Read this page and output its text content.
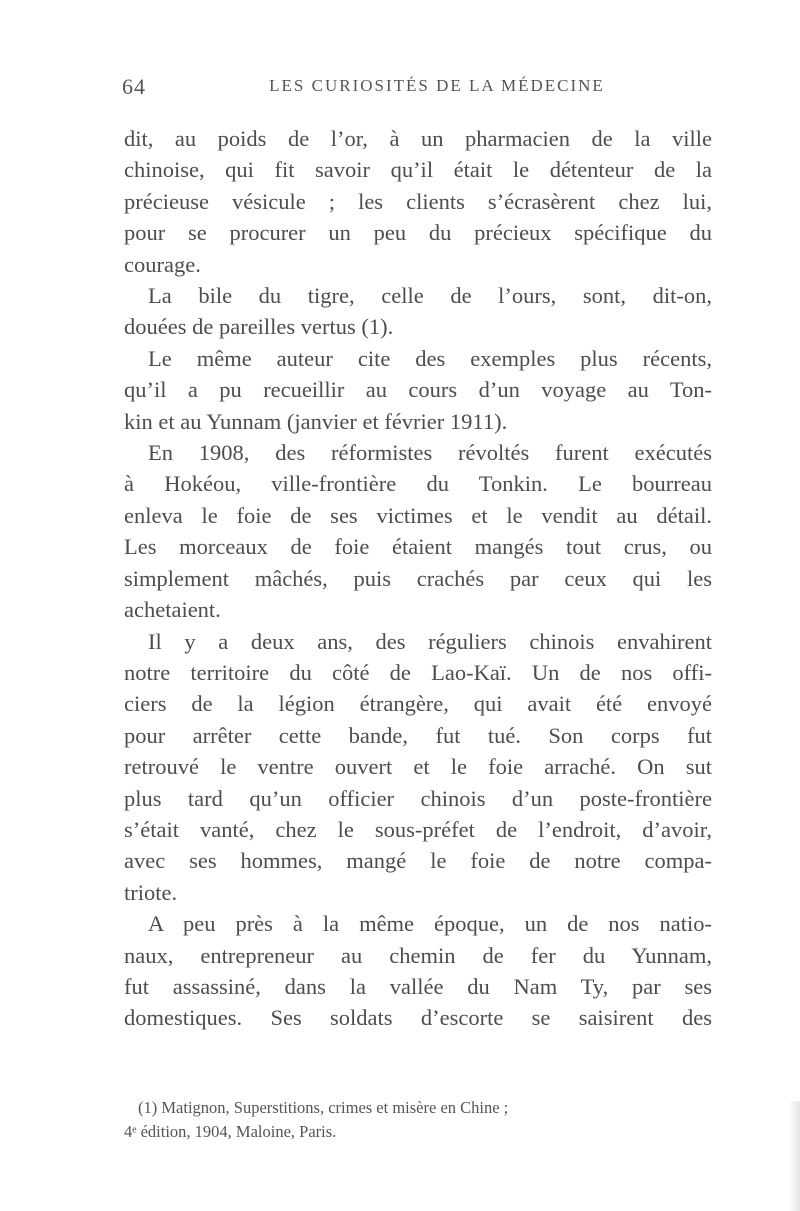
64	LES CURIOSITÉS DE LA MÉDECINE
dit, au poids de l’or, à un pharmacien de la ville
chinoise, qui fit savoir qu’il était le détenteur de la
précieuse vésicule ; les clients s’écrasèrent chez lui,
pour se procurer un peu du précieux spécifique du
courage.
La bile du tigre, celle de l’ours, sont, dit-on,
douées de pareilles vertus (1).
Le même auteur cite des exemples plus récents,
qu’il a pu recueillir au cours d’un voyage au Ton-
kin et au Yunnam (janvier et février 1911).
En 1908, des réformistes révoltés furent exécutés
à Hokéou, ville-frontière du Tonkin. Le bourreau
enleva le foie de ses victimes et le vendit au détail.
Les morceaux de foie étaient mangés tout crus, ou
simplement mâchés, puis crachés par ceux qui les
achetaient.
Il y a deux ans, des réguliers chinois envahirent
notre territoire du côté de Lao-Kaï. Un de nos offi-
ciers de la légion étrangère, qui avait été envoyé
pour arrêter cette bande, fut tué. Son corps fut
retrouvé le ventre ouvert et le foie arraché. On sut
plus tard qu’un officier chinois d’un poste-frontière
s’était vanté, chez le sous-préfet de l’endroit, d’avoir,
avec ses hommes, mangé le foie de notre compa-
triote.
A peu près à la même époque, un de nos natio-
naux, entrepreneur au chemin de fer du Yunnam,
fut assassiné, dans la vallée du Nam Ty, par ses
domestiques. Ses soldats d’escorte se saisirent des
(1) Matignon, Superstitions, crimes et misère en Chine ;
4ᵉ édition, 1904, Maloine, Paris.
